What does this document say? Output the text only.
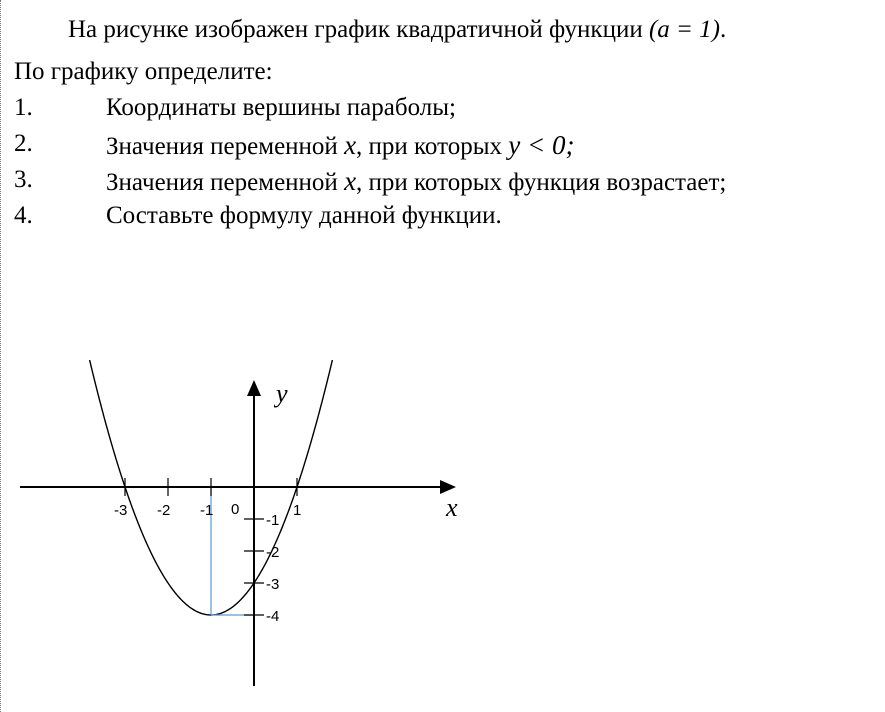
На рисунке изображен график квадратичной функции (a = 1).
По графику определите:
1.	Координаты вершины параболы;
2.	Значения переменной x, при которых y < 0;
3.	Значения переменной x, при которых функция возрастает;
4.	Составьте формулу данной функции.
-3 -2 -1	1
-1
-2
-3
-4
x
y
0
